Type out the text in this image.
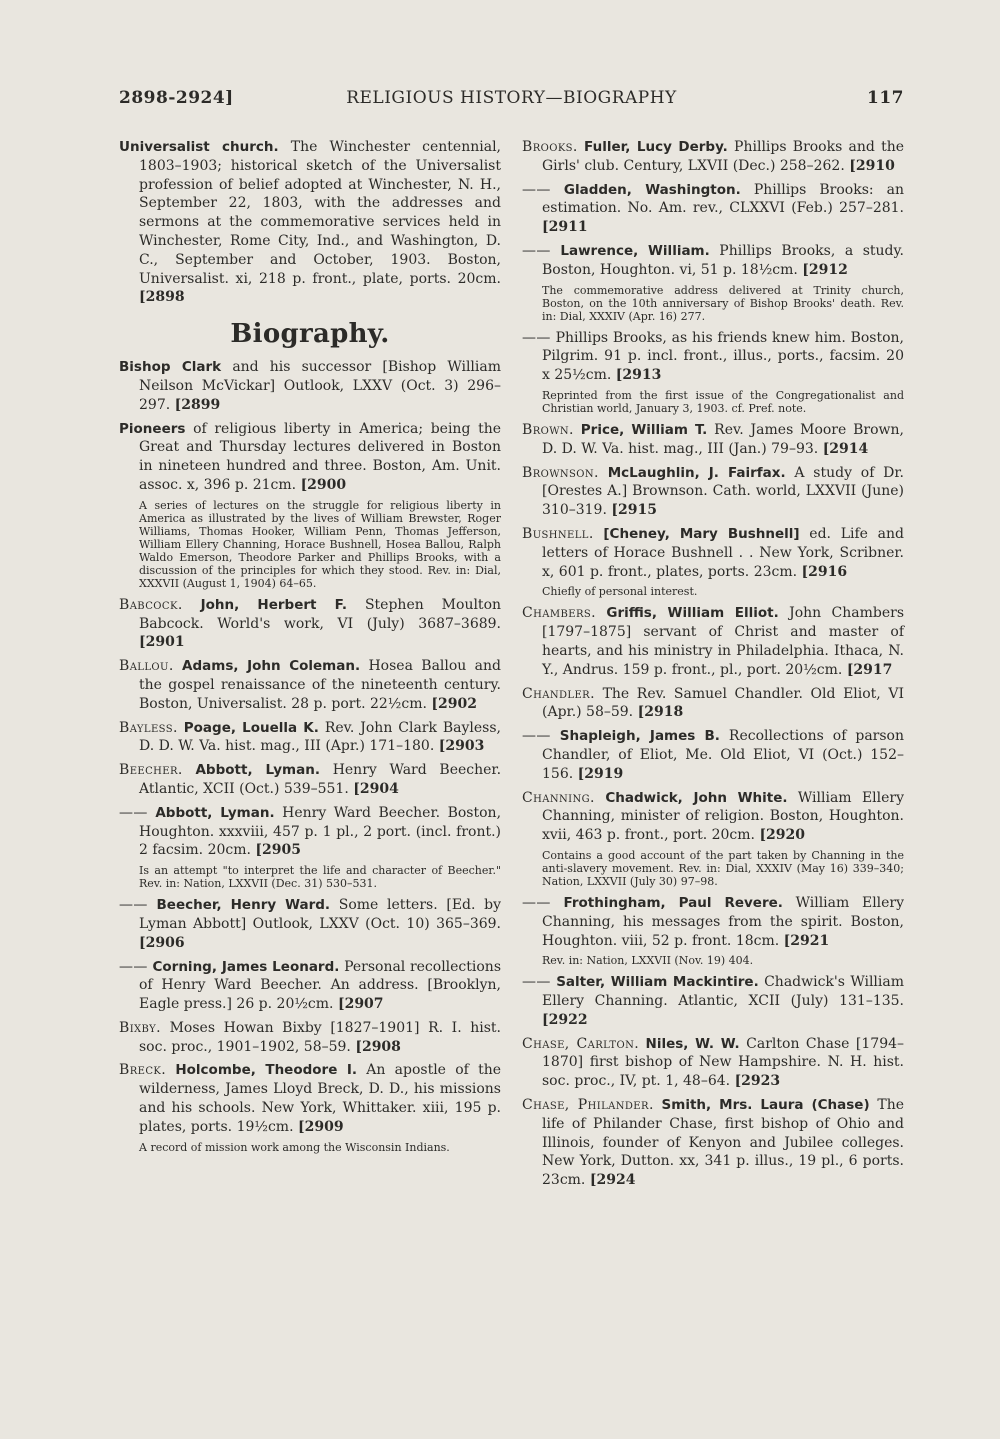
2898-2924]	RELIGIOUS HISTORY—BIOGRAPHY	117

Universalist church. The Winchester centennial, 1803–1903; historical sketch of the Universalist profession of belief adopted at Winchester, N. H., September 22, 1803, with the addresses and sermons at the commemorative services held in Winchester, Rome City, Ind., and Washington, D. C., September and October, 1903. Boston, Universalist. xi, 218 p. front., plate, ports. 20cm. [2898

Biography.

Bishop Clark and his successor [Bishop William Neilson McVickar] Outlook, LXXV (Oct. 3) 296–297. [2899

Pioneers of religious liberty in America; being the Great and Thursday lectures delivered in Boston in nineteen hundred and three. Boston, Am. Unit. assoc. x, 396 p. 21cm. [2900

A series of lectures on the struggle for religious liberty in America as illustrated by the lives of William Brewster, Roger Williams, Thomas Hooker, William Penn, Thomas Jefferson, William Ellery Channing, Horace Bushnell, Hosea Ballou, Ralph Waldo Emerson, Theodore Parker and Phillips Brooks, with a discussion of the principles for which they stood. Rev. in: Dial, XXXVII (August 1, 1904) 64–65.

Babcock. John, Herbert F. Stephen Moulton Babcock. World's work, VI (July) 3687–3689. [2901

Ballou. Adams, John Coleman. Hosea Ballou and the gospel renaissance of the nineteenth century. Boston, Universalist. 28 p. port. 22½cm. [2902

Bayless. Poage, Louella K. Rev. John Clark Bayless, D. D. W. Va. hist. mag., III (Apr.) 171–180. [2903

Beecher. Abbott, Lyman. Henry Ward Beecher. Atlantic, XCII (Oct.) 539–551. [2904

—— Abbott, Lyman. Henry Ward Beecher. Boston, Houghton. xxxviii, 457 p. 1 pl., 2 port. (incl. front.) 2 facsim. 20cm. [2905

Is an attempt "to interpret the life and character of Beecher." Rev. in: Nation, LXXVII (Dec. 31) 530–531.

—— Beecher, Henry Ward. Some letters. [Ed. by Lyman Abbott] Outlook, LXXV (Oct. 10) 365–369. [2906

—— Corning, James Leonard. Personal recollections of Henry Ward Beecher. An address. [Brooklyn, Eagle press.] 26 p. 20½cm. [2907

Bixby. Moses Howan Bixby [1827–1901] R. I. hist. soc. proc., 1901–1902, 58–59. [2908

Breck. Holcombe, Theodore I. An apostle of the wilderness, James Lloyd Breck, D. D., his missions and his schools. New York, Whittaker. xiii, 195 p. plates, ports. 19½cm. [2909

A record of mission work among the Wisconsin Indians.

Brooks. Fuller, Lucy Derby. Phillips Brooks and the Girls' club. Century, LXVII (Dec.) 258–262. [2910

—— Gladden, Washington. Phillips Brooks: an estimation. No. Am. rev., CLXXVI (Feb.) 257–281. [2911

—— Lawrence, William. Phillips Brooks, a study. Boston, Houghton. vi, 51 p. 18½cm. [2912

The commemorative address delivered at Trinity church, Boston, on the 10th anniversary of Bishop Brooks' death. Rev. in: Dial, XXXIV (Apr. 16) 277.

—— Phillips Brooks, as his friends knew him. Boston, Pilgrim. 91 p. incl. front., illus., ports., facsim. 20 x 25½cm. [2913

Reprinted from the first issue of the Congregationalist and Christian world, January 3, 1903. cf. Pref. note.

Brown. Price, William T. Rev. James Moore Brown, D. D. W. Va. hist. mag., III (Jan.) 79–93. [2914

Brownson. McLaughlin, J. Fairfax. A study of Dr. [Orestes A.] Brownson. Cath. world, LXXVII (June) 310–319. [2915

Bushnell. [Cheney, Mary Bushnell] ed. Life and letters of Horace Bushnell . . New York, Scribner. x, 601 p. front., plates, ports. 23cm. [2916

Chiefly of personal interest.

Chambers. Griffis, William Elliot. John Chambers [1797–1875] servant of Christ and master of hearts, and his ministry in Philadelphia. Ithaca, N. Y., Andrus. 159 p. front., pl., port. 20½cm. [2917

Chandler. The Rev. Samuel Chandler. Old Eliot, VI (Apr.) 58–59. [2918

—— Shapleigh, James B. Recollections of parson Chandler, of Eliot, Me. Old Eliot, VI (Oct.) 152–156. [2919

Channing. Chadwick, John White. William Ellery Channing, minister of religion. Boston, Houghton. xvii, 463 p. front., port. 20cm. [2920

Contains a good account of the part taken by Channing in the anti-slavery movement. Rev. in: Dial, XXXIV (May 16) 339–340; Nation, LXXVII (July 30) 97–98.

—— Frothingham, Paul Revere. William Ellery Channing, his messages from the spirit. Boston, Houghton. viii, 52 p. front. 18cm. [2921

Rev. in: Nation, LXXVII (Nov. 19) 404.

—— Salter, William Mackintire. Chadwick's William Ellery Channing. Atlantic, XCII (July) 131–135. [2922

Chase, Carlton. Niles, W. W. Carlton Chase [1794–1870] first bishop of New Hampshire. N. H. hist. soc. proc., IV, pt. 1, 48–64. [2923

Chase, Philander. Smith, Mrs. Laura (Chase) The life of Philander Chase, first bishop of Ohio and Illinois, founder of Kenyon and Jubilee colleges. New York, Dutton. xx, 341 p. illus., 19 pl., 6 ports. 23cm. [2924
